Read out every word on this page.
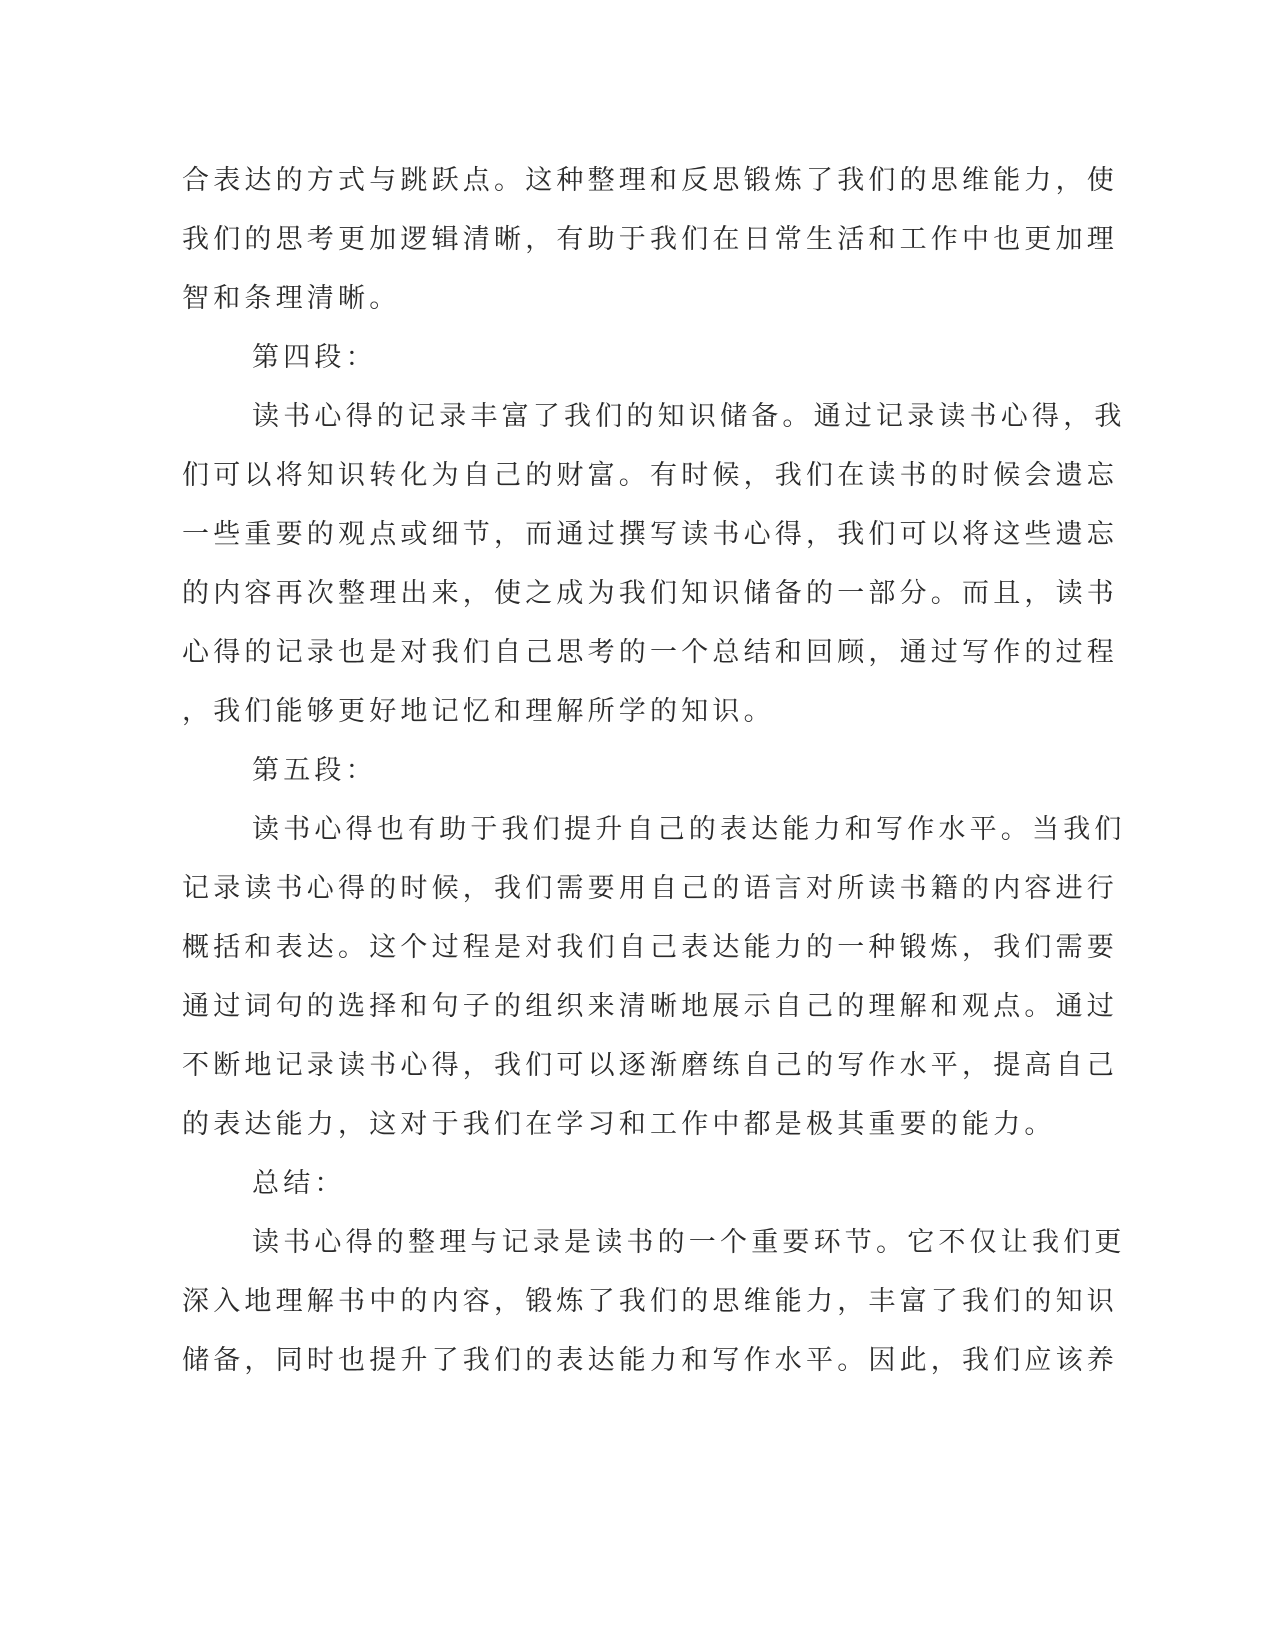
合表达的方式与跳跃点。这种整理和反思锻炼了我们的思维能力，使
我们的思考更加逻辑清晰，有助于我们在日常生活和工作中也更加理
智和条理清晰。
第四段：
读书心得的记录丰富了我们的知识储备。通过记录读书心得，我
们可以将知识转化为自己的财富。有时候，我们在读书的时候会遗忘
一些重要的观点或细节，而通过撰写读书心得，我们可以将这些遗忘
的内容再次整理出来，使之成为我们知识储备的一部分。而且，读书
心得的记录也是对我们自己思考的一个总结和回顾，通过写作的过程
，我们能够更好地记忆和理解所学的知识。
第五段：
读书心得也有助于我们提升自己的表达能力和写作水平。当我们
记录读书心得的时候，我们需要用自己的语言对所读书籍的内容进行
概括和表达。这个过程是对我们自己表达能力的一种锻炼，我们需要
通过词句的选择和句子的组织来清晰地展示自己的理解和观点。通过
不断地记录读书心得，我们可以逐渐磨练自己的写作水平，提高自己
的表达能力，这对于我们在学习和工作中都是极其重要的能力。
总结：
读书心得的整理与记录是读书的一个重要环节。它不仅让我们更
深入地理解书中的内容，锻炼了我们的思维能力，丰富了我们的知识
储备，同时也提升了我们的表达能力和写作水平。因此，我们应该养
